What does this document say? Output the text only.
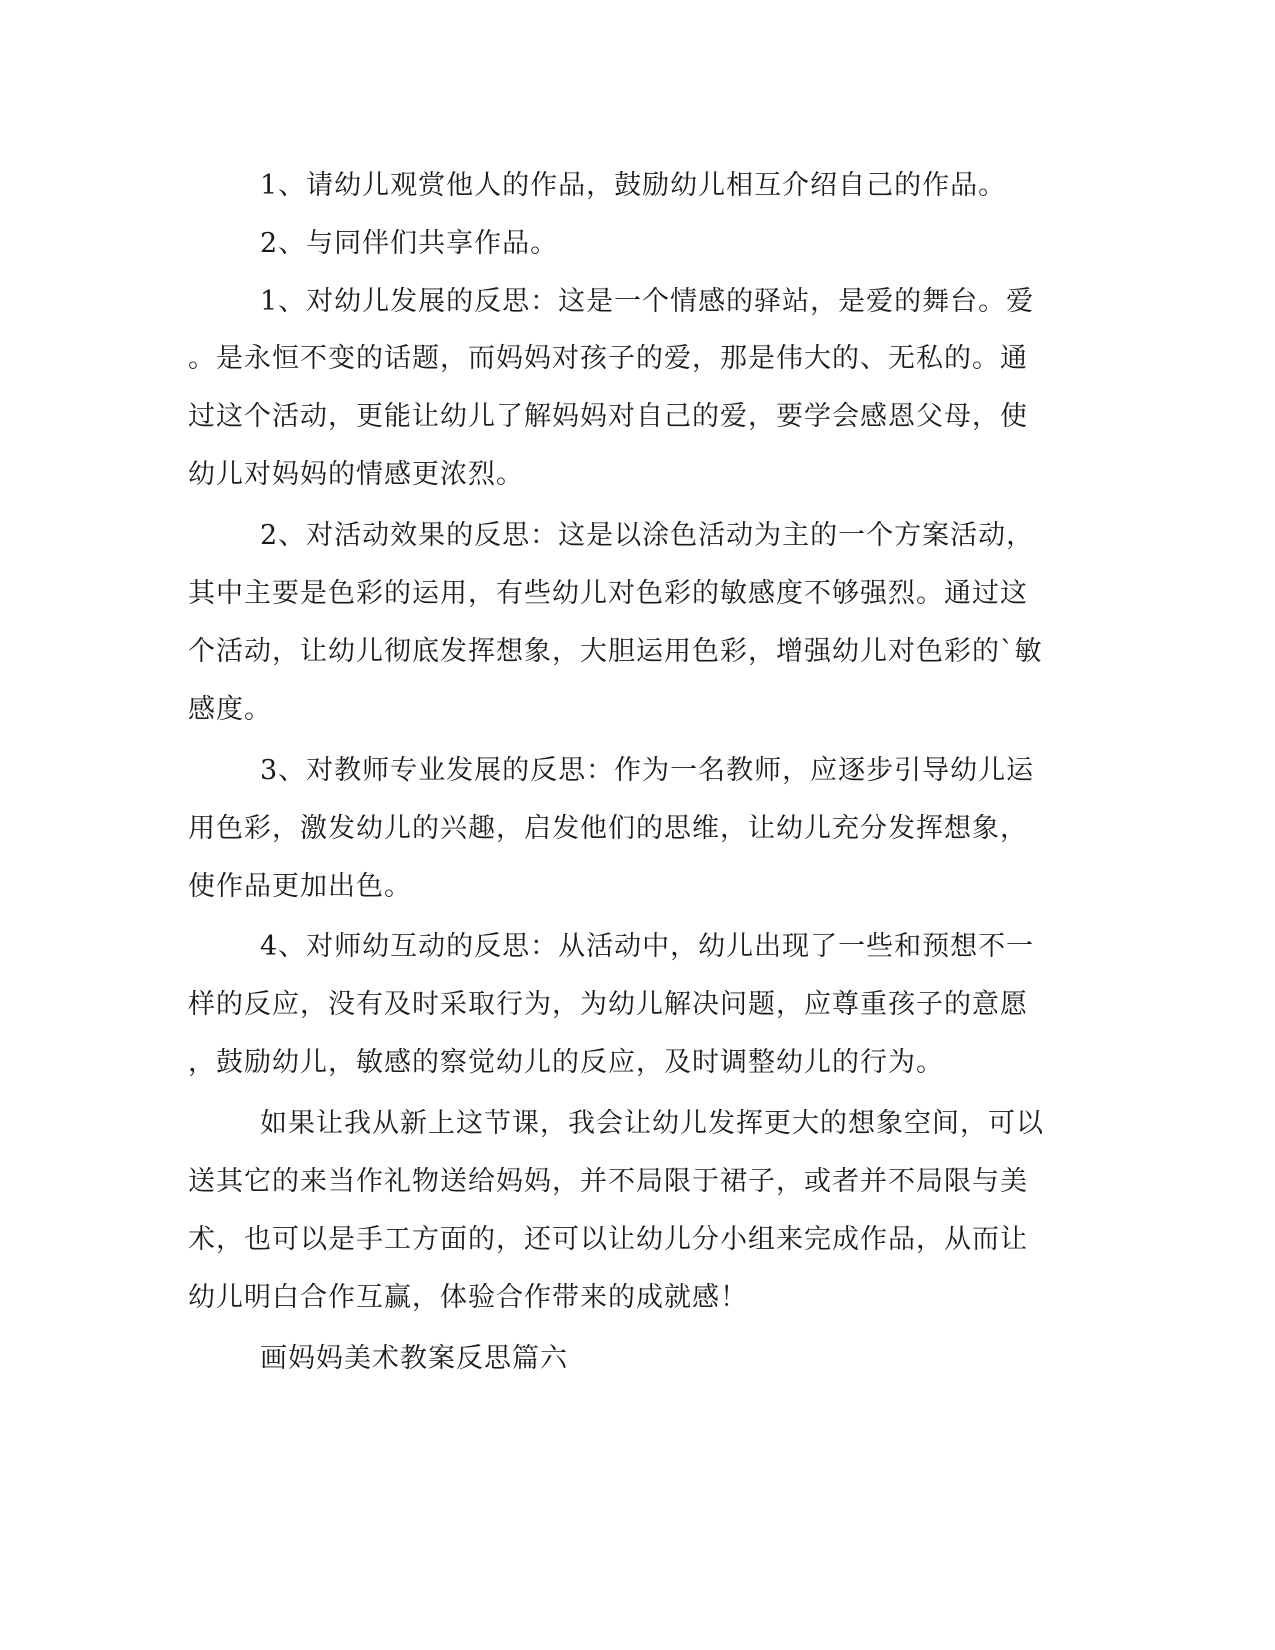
1、请幼儿观赏他人的作品，鼓励幼儿相互介绍自己的作品。
2、与同伴们共享作品。
1、对幼儿发展的反思：这是一个情感的驿站，是爱的舞台。爱
。是永恒不变的话题，而妈妈对孩子的爱，那是伟大的、无私的。通
过这个活动，更能让幼儿了解妈妈对自己的爱，要学会感恩父母，使
幼儿对妈妈的情感更浓烈。
2、对活动效果的反思：这是以涂色活动为主的一个方案活动，
其中主要是色彩的运用，有些幼儿对色彩的敏感度不够强烈。通过这
个活动，让幼儿彻底发挥想象，大胆运用色彩，增强幼儿对色彩的`敏
感度。
3、对教师专业发展的反思：作为一名教师，应逐步引导幼儿运
用色彩，激发幼儿的兴趣，启发他们的思维，让幼儿充分发挥想象，
使作品更加出色。
4、对师幼互动的反思：从活动中，幼儿出现了一些和预想不一
样的反应，没有及时采取行为，为幼儿解决问题，应尊重孩子的意愿
，鼓励幼儿，敏感的察觉幼儿的反应，及时调整幼儿的行为。
如果让我从新上这节课，我会让幼儿发挥更大的想象空间，可以
送其它的来当作礼物送给妈妈，并不局限于裙子，或者并不局限与美
术，也可以是手工方面的，还可以让幼儿分小组来完成作品，从而让
幼儿明白合作互赢，体验合作带来的成就感！
画妈妈美术教案反思篇六
